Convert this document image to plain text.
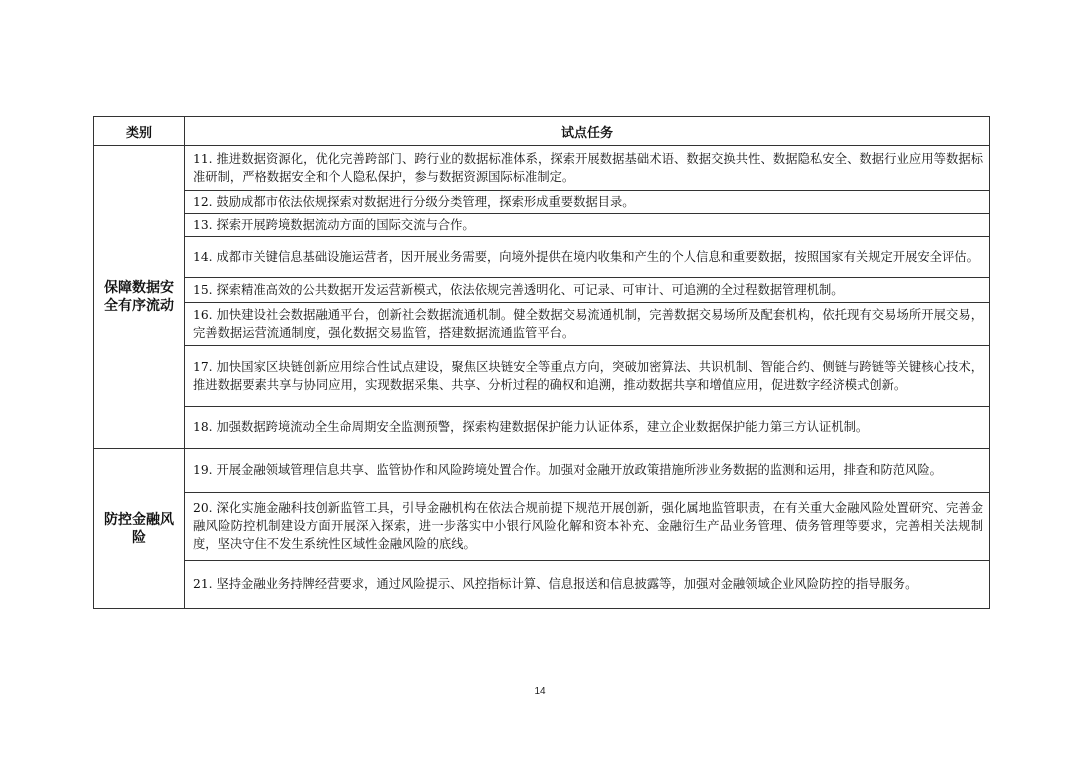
类别	试点任务
保障数据安全有序流动	11. 推进数据资源化，优化完善跨部门、跨行业的数据标准体系，探索开展数据基础术语、数据交换共性、数据隐私安全、数据行业应用等数据标准研制，严格数据安全和个人隐私保护，参与数据资源国际标准制定。
	12. 鼓励成都市依法依规探索对数据进行分级分类管理，探索形成重要数据目录。
	13. 探索开展跨境数据流动方面的国际交流与合作。
	14. 成都市关键信息基础设施运营者，因开展业务需要，向境外提供在境内收集和产生的个人信息和重要数据，按照国家有关规定开展安全评估。
	15. 探索精准高效的公共数据开发运营新模式，依法依规完善透明化、可记录、可审计、可追溯的全过程数据管理机制。
	16. 加快建设社会数据融通平台，创新社会数据流通机制。健全数据交易流通机制，完善数据交易场所及配套机构，依托现有交易场所开展交易，完善数据运营流通制度，强化数据交易监管，搭建数据流通监管平台。
	17. 加快国家区块链创新应用综合性试点建设，聚焦区块链安全等重点方向，突破加密算法、共识机制、智能合约、侧链与跨链等关键核心技术，推进数据要素共享与协同应用，实现数据采集、共享、分析过程的确权和追溯，推动数据共享和增值应用，促进数字经济模式创新。
	18. 加强数据跨境流动全生命周期安全监测预警，探索构建数据保护能力认证体系，建立企业数据保护能力第三方认证机制。
防控金融风险	19. 开展金融领域管理信息共享、监管协作和风险跨境处置合作。加强对金融开放政策措施所涉业务数据的监测和运用，排查和防范风险。
	20. 深化实施金融科技创新监管工具，引导金融机构在依法合规前提下规范开展创新，强化属地监管职责，在有关重大金融风险处置研究、完善金融风险防控机制建设方面开展深入探索，进一步落实中小银行风险化解和资本补充、金融衍生产品业务管理、债务管理等要求，完善相关法规制度，坚决守住不发生系统性区域性金融风险的底线。
	21. 坚持金融业务持牌经营要求，通过风险提示、风控指标计算、信息报送和信息披露等，加强对金融领域企业风险防控的指导服务。
14
